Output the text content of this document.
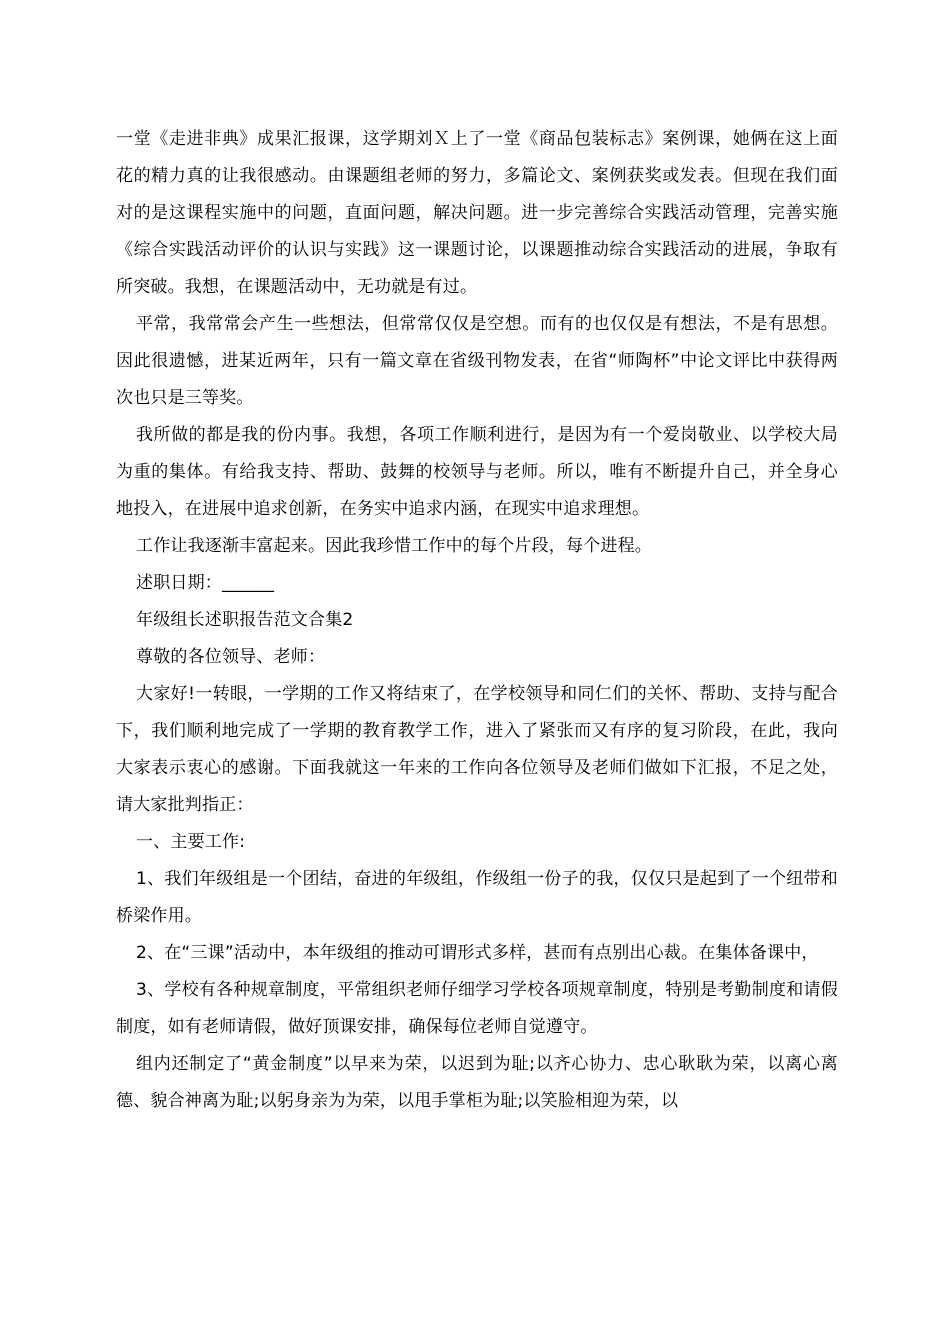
一堂《走进非典》成果汇报课，这学期刘Ｘ上了一堂《商品包装标志》案例课，她俩在这上面花的精力真的让我很感动。由课题组老师的努力，多篇论文、案例获奖或发表。但现在我们面对的是这课程实施中的问题，直面问题，解决问题。进一步完善综合实践活动管理，完善实施《综合实践活动评价的认识与实践》这一课题讨论，以课题推动综合实践活动的进展，争取有所突破。我想，在课题活动中，无功就是有过。

平常，我常常会产生一些想法，但常常仅仅是空想。而有的也仅仅是有想法，不是有思想。因此很遗憾，进某近两年，只有一篇文章在省级刊物发表，在省“师陶杯”中论文评比中获得两次也只是三等奖。

我所做的都是我的份内事。我想，各项工作顺利进行，是因为有一个爱岗敬业、以学校大局为重的集体。有给我支持、帮助、鼓舞的校领导与老师。所以，唯有不断提升自己，并全身心地投入，在进展中追求创新，在务实中追求内涵，在现实中追求理想。

工作让我逐渐丰富起来。因此我珍惜工作中的每个片段，每个进程。

述职日期：______
年级组长述职报告范文合集2
尊敬的各位领导、老师：

大家好!一转眼，一学期的工作又将结束了，在学校领导和同仁们的关怀、帮助、支持与配合下，我们顺利地完成了一学期的教育教学工作，进入了紧张而又有序的复习阶段，在此，我向大家表示衷心的感谢。下面我就这一年来的工作向各位领导及老师们做如下汇报，不足之处，请大家批判指正：

一、主要工作:

1、我们年级组是一个团结，奋进的年级组，作级组一份子的我，仅仅只是起到了一个纽带和桥梁作用。

2、在“三课”活动中，本年级组的推动可谓形式多样，甚而有点别出心裁。在集体备课中，

3、学校有各种规章制度，平常组织老师仔细学习学校各项规章制度，特别是考勤制度和请假制度，如有老师请假，做好顶课安排，确保每位老师自觉遵守。

组内还制定了“黄金制度”以早来为荣，以迟到为耻;以齐心协力、忠心耿耿为荣，以离心离德、貌合神离为耻;以躬身亲为为荣，以甩手掌柜为耻;以笑脸相迎为荣，以
